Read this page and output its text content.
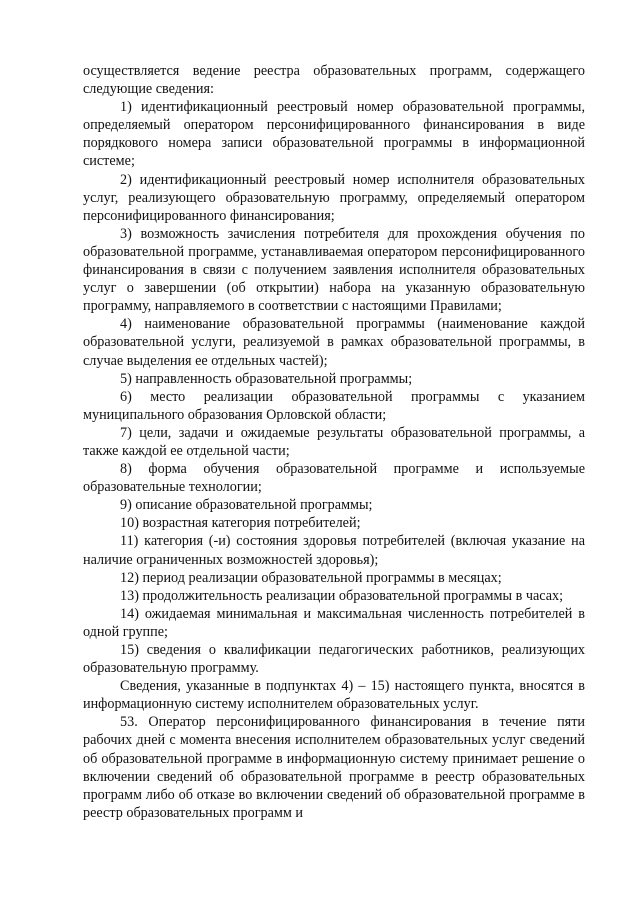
осуществляется ведение реестра образовательных программ, содержащего следующие сведения:

1) идентификационный реестровый номер образовательной программы, определяемый оператором персонифицированного финансирования в виде порядкового номера записи образовательной программы в информационной системе;

2) идентификационный реестровый номер исполнителя образовательных услуг, реализующего образовательную программу, определяемый оператором персонифицированного финансирования;

3) возможность зачисления потребителя для прохождения обучения по образовательной программе, устанавливаемая оператором персонифицированного финансирования в связи с получением заявления исполнителя образовательных услуг о завершении (об открытии) набора на указанную образовательную программу, направляемого в соответствии с настоящими Правилами;

4) наименование образовательной программы (наименование каждой образовательной услуги, реализуемой в рамках образовательной программы, в случае выделения ее отдельных частей);

5) направленность образовательной программы;

6) место реализации образовательной программы с указанием муниципального образования Орловской области;

7) цели, задачи и ожидаемые результаты образовательной программы, а также каждой ее отдельной части;

8) форма обучения образовательной программе и используемые образовательные технологии;

9) описание образовательной программы;

10) возрастная категория потребителей;

11) категория (-и) состояния здоровья потребителей (включая указание на наличие ограниченных возможностей здоровья);

12) период реализации образовательной программы в месяцах;

13) продолжительность реализации образовательной программы в часах;

14) ожидаемая минимальная и максимальная численность потребителей в одной группе;

15) сведения о квалификации педагогических работников, реализующих образовательную программу.

Сведения, указанные в подпунктах 4) – 15) настоящего пункта, вносятся в информационную систему исполнителем образовательных услуг.

53. Оператор персонифицированного финансирования в течение пяти рабочих дней с момента внесения исполнителем образовательных услуг сведений об образовательной программе в информационную систему принимает решение о включении сведений об образовательной программе в реестр образовательных программ либо об отказе во включении сведений об образовательной программе в реестр образовательных программ и
